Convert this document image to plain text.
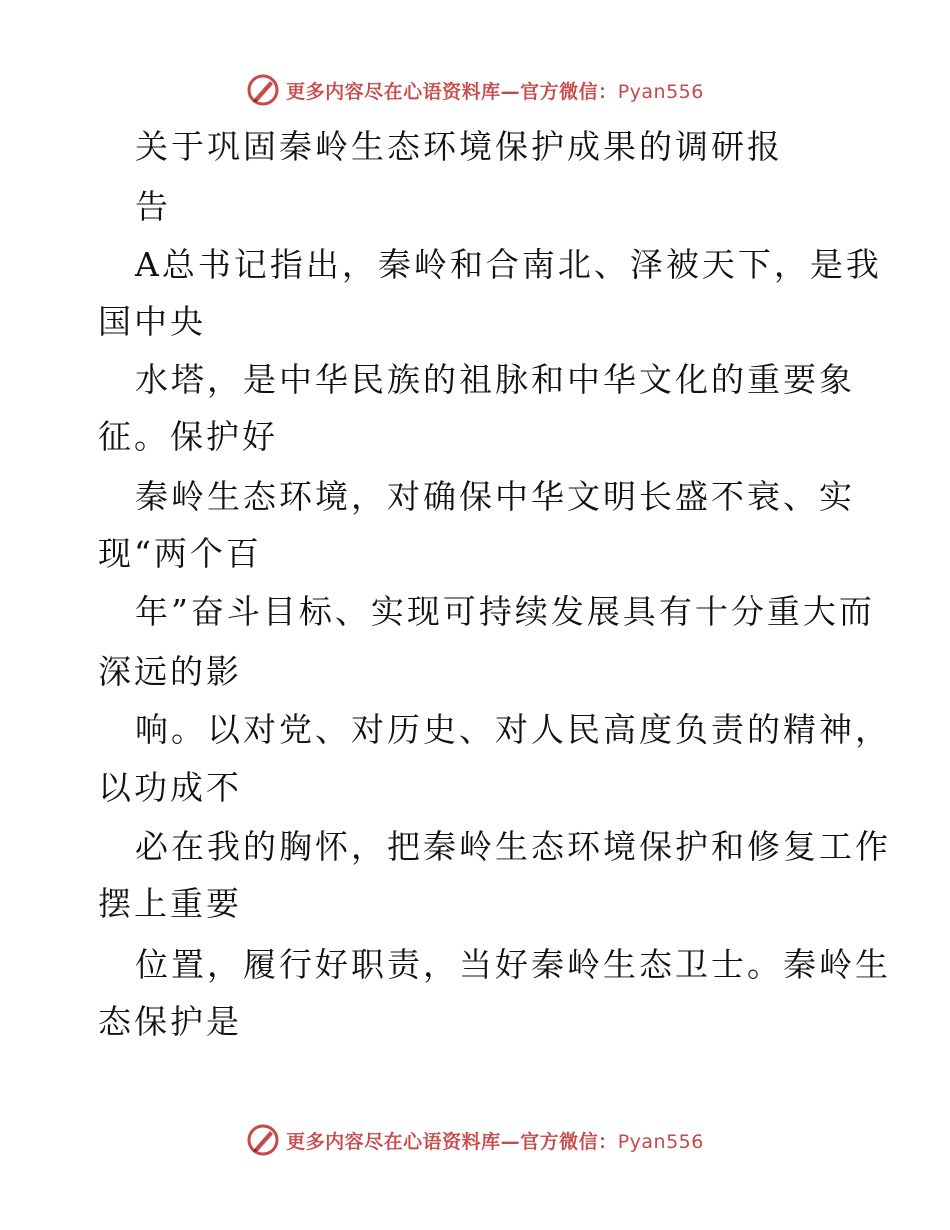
更多内容尽在心语资料库—官方微信：Pyan556
关于巩固秦岭生态环境保护成果的调研报
告
A总书记指出，秦岭和合南北、泽被天下，是我
国中央
水塔，是中华民族的祖脉和中华文化的重要象
征。保护好
秦岭生态环境，对确保中华文明长盛不衰、实
现“两个百
年”奋斗目标、实现可持续发展具有十分重大而
深远的影
响。以对党、对历史、对人民高度负责的精神，
以功成不
必在我的胸怀，把秦岭生态环境保护和修复工作
摆上重要
位置，履行好职责，当好秦岭生态卫士。秦岭生
态保护是
更多内容尽在心语资料库—官方微信：Pyan556
